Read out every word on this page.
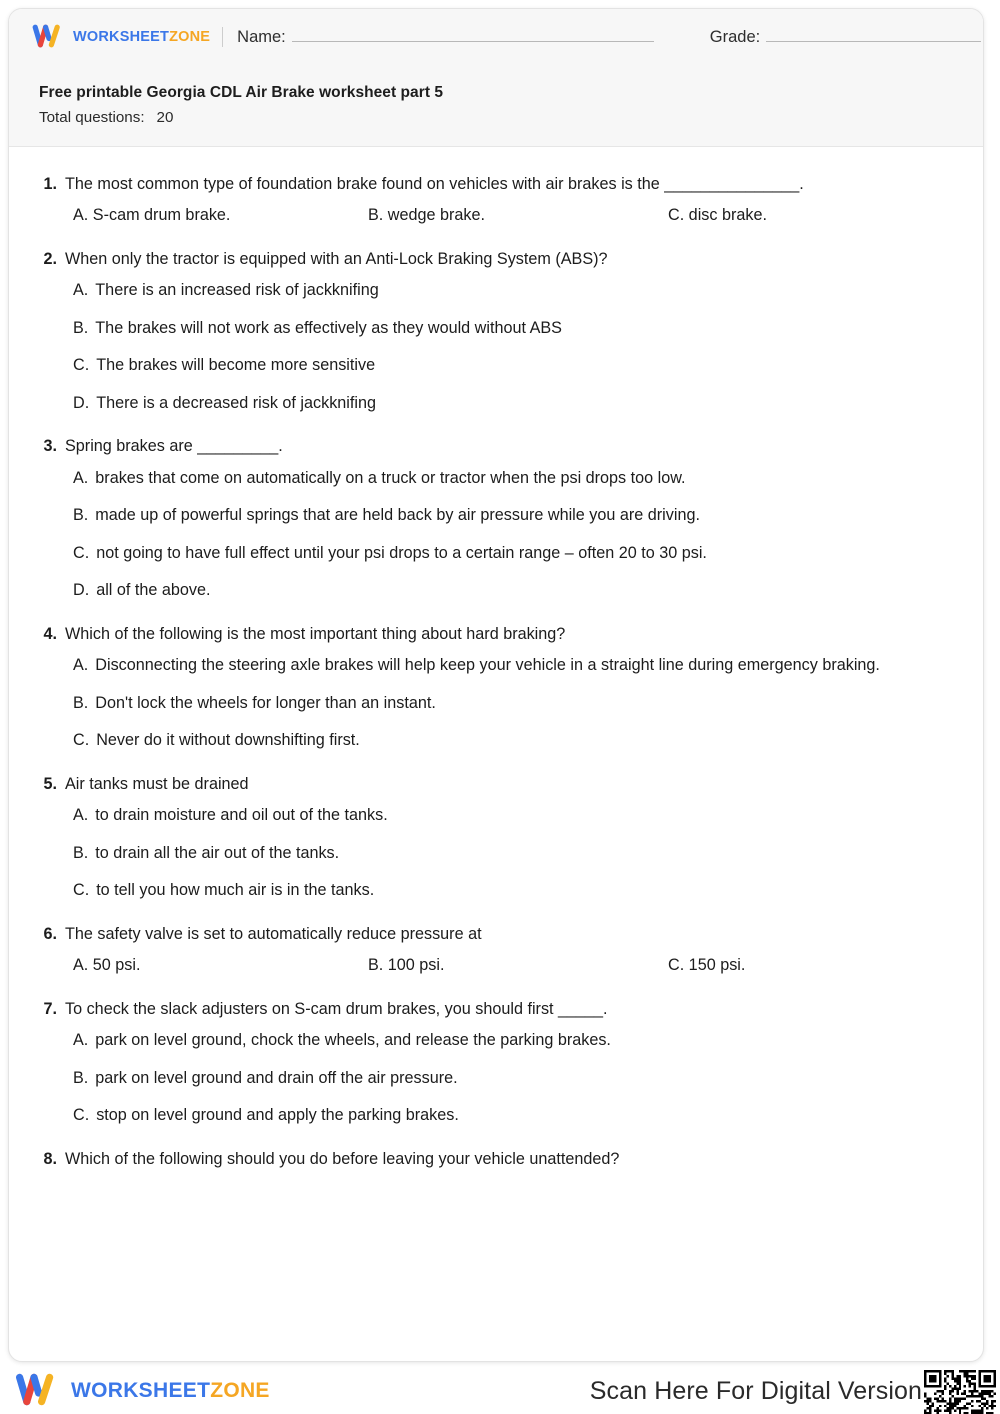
WORKSHEETZONE Name:	Grade:
Free printable Georgia CDL Air Brake worksheet part 5
Total questions: 20
1. The most common type of foundation brake found on vehicles with air brakes is the _______________.
A. S-cam drum brake.	B. wedge brake.	C. disc brake.
2. When only the tractor is equipped with an Anti-Lock Braking System (ABS)?
A. There is an increased risk of jackknifing
B. The brakes will not work as effectively as they would without ABS
C. The brakes will become more sensitive
D. There is a decreased risk of jackknifing
3. Spring brakes are _________.
A. brakes that come on automatically on a truck or tractor when the psi drops too low.
B. made up of powerful springs that are held back by air pressure while you are driving.
C. not going to have full effect until your psi drops to a certain range – often 20 to 30 psi.
D. all of the above.
4. Which of the following is the most important thing about hard braking?
A. Disconnecting the steering axle brakes will help keep your vehicle in a straight line during emergency braking.
B. Don't lock the wheels for longer than an instant.
C. Never do it without downshifting first.
5. Air tanks must be drained
A. to drain moisture and oil out of the tanks.
B. to drain all the air out of the tanks.
C. to tell you how much air is in the tanks.
6. The safety valve is set to automatically reduce pressure at
A. 50 psi.	B. 100 psi.	C. 150 psi.
7. To check the slack adjusters on S-cam drum brakes, you should first _____.
A. park on level ground, chock the wheels, and release the parking brakes.
B. park on level ground and drain off the air pressure.
C. stop on level ground and apply the parking brakes.
8. Which of the following should you do before leaving your vehicle unattended?
WORKSHEETZONE	Scan Here For Digital Version
